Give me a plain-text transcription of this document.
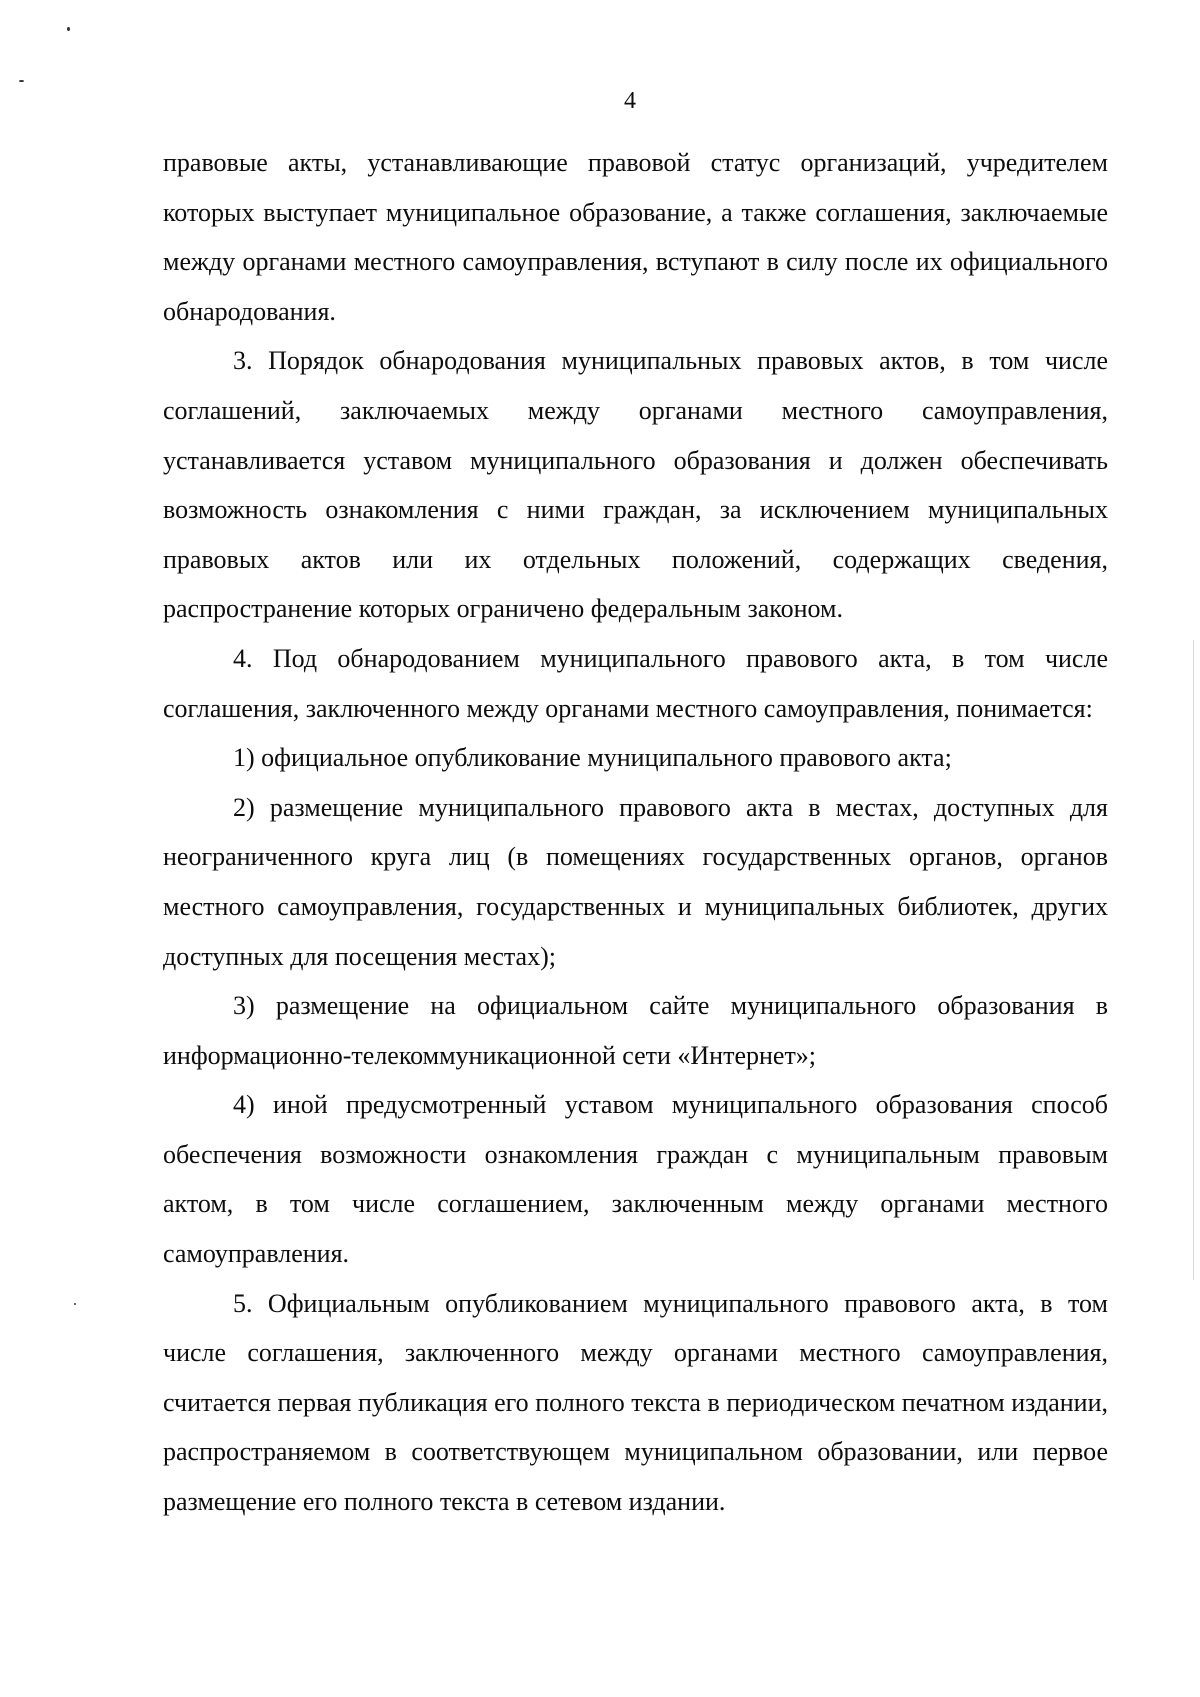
4

правовые акты, устанавливающие правовой статус организаций, учредителем которых выступает муниципальное образование, а также соглашения, заключаемые между органами местного самоуправления, вступают в силу после их официального обнародования.

3. Порядок обнародования муниципальных правовых актов, в том числе соглашений, заключаемых между органами местного самоуправления, устанавливается уставом муниципального образования и должен обеспечивать возможность ознакомления с ними граждан, за исключением муниципальных правовых актов или их отдельных положений, содержащих сведения, распространение которых ограничено федеральным законом.

4. Под обнародованием муниципального правового акта, в том числе соглашения, заключенного между органами местного самоуправления, понимается:

1) официальное опубликование муниципального правового акта;

2) размещение муниципального правового акта в местах, доступных для неограниченного круга лиц (в помещениях государственных органов, органов местного самоуправления, государственных и муниципальных библиотек, других доступных для посещения местах);

3) размещение на официальном сайте муниципального образования в информационно-телекоммуникационной сети «Интернет»;

4) иной предусмотренный уставом муниципального образования способ обеспечения возможности ознакомления граждан с муниципальным правовым актом, в том числе соглашением, заключенным между органами местного самоуправления.

5. Официальным опубликованием муниципального правового акта, в том числе соглашения, заключенного между органами местного самоуправления, считается первая публикация его полного текста в периодическом печатном издании, распространяемом в соответствующем муниципальном образовании, или первое размещение его полного текста в сетевом издании.
